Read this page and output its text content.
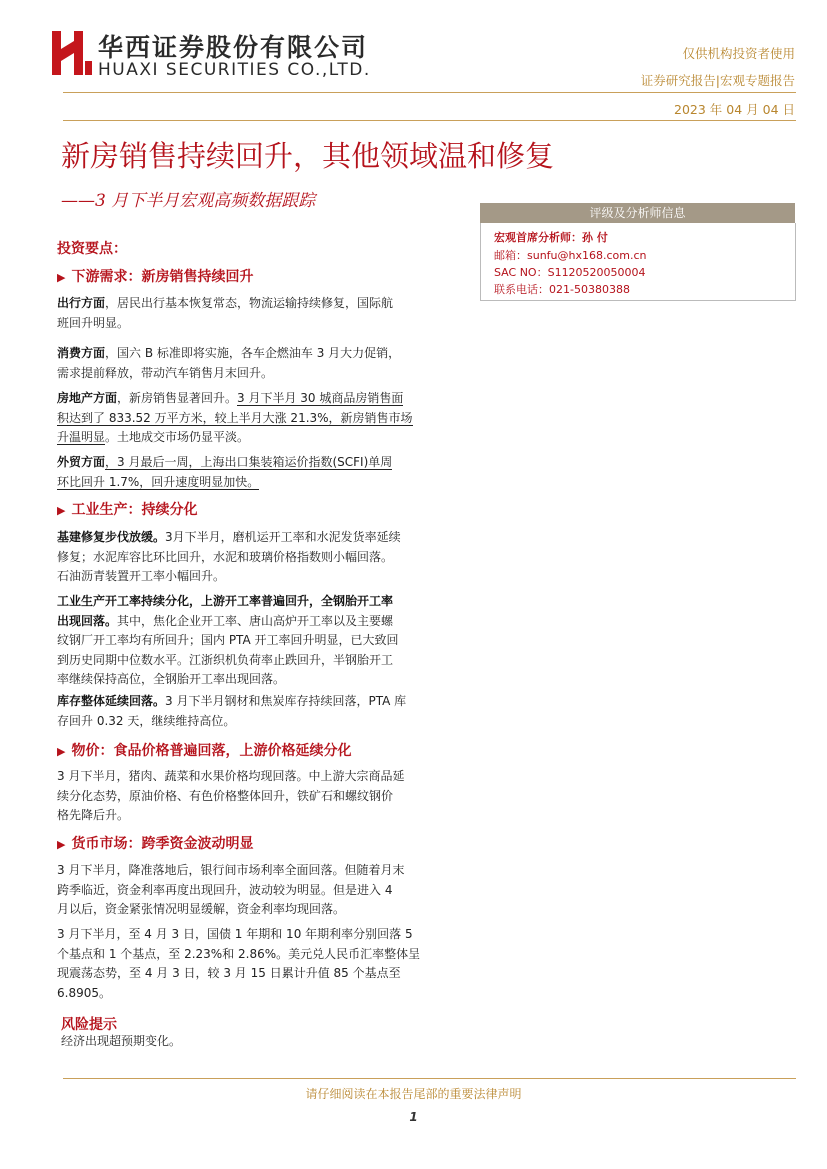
华西证券股份有限公司
HUAXI SECURITIES CO.,LTD.
仅供机构投资者使用
证券研究报告|宏观专题报告
2023 年 04 月 04 日
新房销售持续回升，其他领域温和修复
——3 月下半月宏观高频数据跟踪
评级及分析师信息
宏观首席分析师：孙 付
邮箱：sunfu@hx168.com.cn
SAC NO：S1120520050004
联系电话：021-50380388
投资要点：
▶ 下游需求：新房销售持续回升
出行方面，居民出行基本恢复常态，物流运输持续修复，国际航
班回升明显。
消费方面，国六 B 标准即将实施，各车企燃油车 3 月大力促销，
需求提前释放，带动汽车销售月末回升。
房地产方面，新房销售显著回升。3 月下半月 30 城商品房销售面
积达到了 833.52 万平方米，较上半月大涨 21.3%，新房销售市场
升温明显。土地成交市场仍显平淡。
外贸方面，3 月最后一周，上海出口集装箱运价指数(SCFI)单周
环比回升 1.7%，回升速度明显加快。
▶ 工业生产：持续分化
基建修复步伐放缓。3月下半月，磨机运开工率和水泥发货率延续
修复；水泥库容比环比回升，水泥和玻璃价格指数则小幅回落。
石油沥青装置开工率小幅回升。
工业生产开工率持续分化，上游开工率普遍回升，全钢胎开工率
出现回落。其中，焦化企业开工率、唐山高炉开工率以及主要螺
纹钢厂开工率均有所回升；国内 PTA 开工率回升明显，已大致回
到历史同期中位数水平。江浙织机负荷率止跌回升，半钢胎开工
率继续保持高位，全钢胎开工率出现回落。
库存整体延续回落。3 月下半月钢材和焦炭库存持续回落，PTA 库
存回升 0.32 天，继续维持高位。
▶ 物价：食品价格普遍回落，上游价格延续分化
3 月下半月，猪肉、蔬菜和水果价格均现回落。中上游大宗商品延
续分化态势，原油价格、有色价格整体回升，铁矿石和螺纹钢价
格先降后升。
▶ 货币市场：跨季资金波动明显
3 月下半月，降准落地后，银行间市场利率全面回落。但随着月末
跨季临近，资金利率再度出现回升，波动较为明显。但是进入 4
月以后，资金紧张情况明显缓解，资金利率均现回落。
3 月下半月，至 4 月 3 日，国债 1 年期和 10 年期利率分别回落 5
个基点和 1 个基点，至 2.23%和 2.86%。美元兑人民币汇率整体呈
现震荡态势，至 4 月 3 日，较 3 月 15 日累计升值 85 个基点至
6.8905。
风险提示
经济出现超预期变化。
请仔细阅读在本报告尾部的重要法律声明
1
